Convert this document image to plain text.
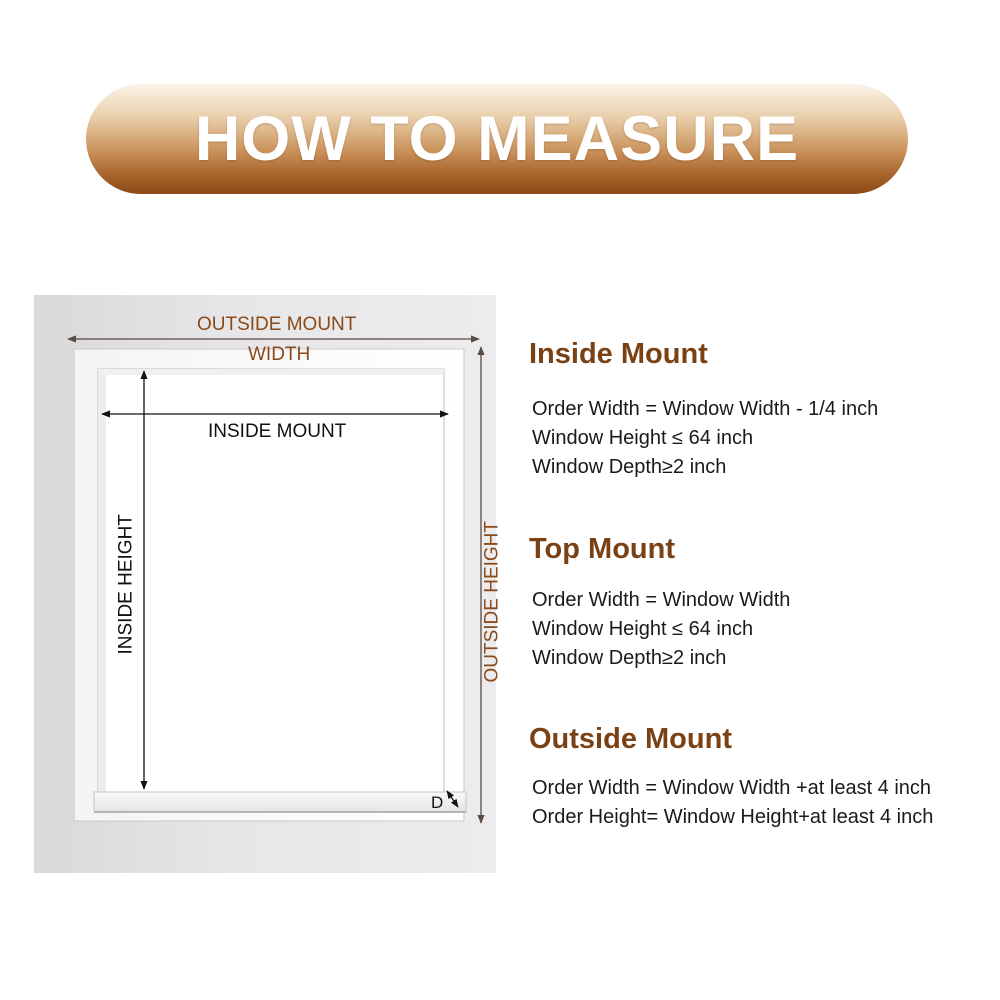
HOW TO MEASURE
OUTSIDE MOUNT
WIDTH
INSIDE MOUNT
INSIDE HEIGHT	OUTSIDE HEIGHT
D
Inside Mount
Order Width = Window Width - 1/4 inch
Window Height ≤ 64 inch
Window Depth≥2 inch
Top Mount
Order Width = Window Width
Window Height ≤ 64 inch
Window Depth≥2 inch
Outside Mount
Order Width = Window Width +at least 4 inch
Order Height= Window Height+at least 4 inch
